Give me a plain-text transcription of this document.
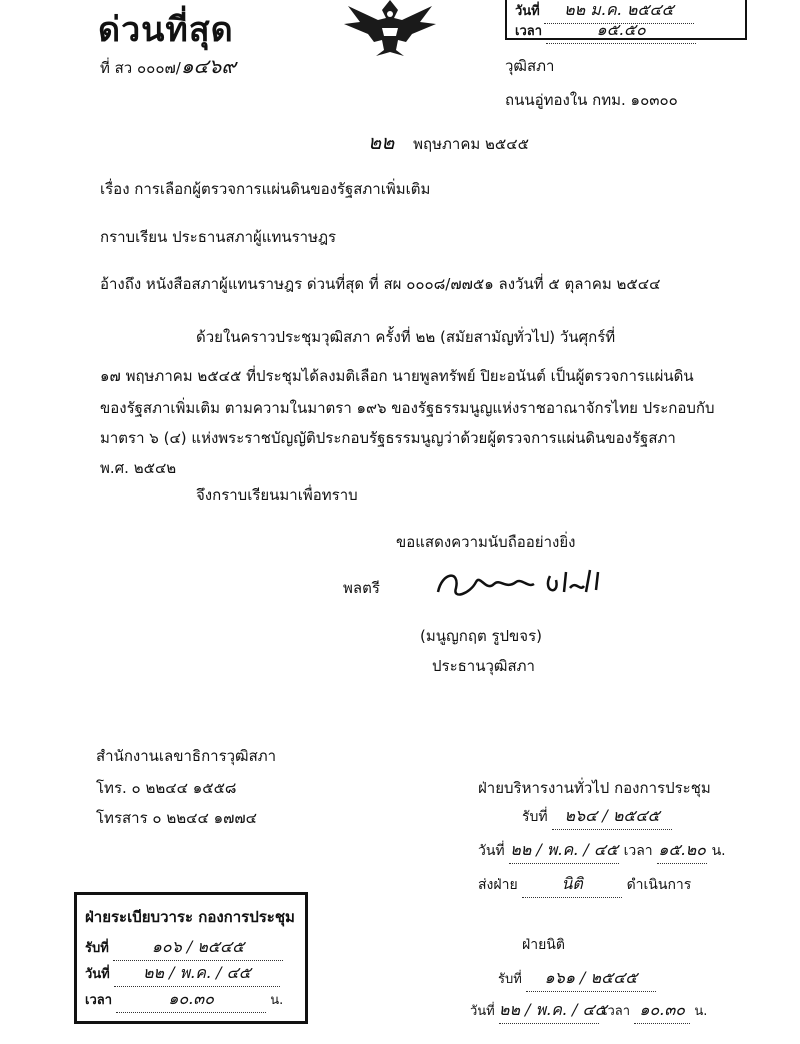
ด่วนที่สุด
ที่ สว ๐๐๐๗/๑๔๖๙
วันที่ ๒๒ ม.ค. ๒๕๔๕
เวลา	๑๕.๕๐
วุฒิสภา
ถนนอู่ทองใน กทม. ๑๐๓๐๐
๒๒ พฤษภาคม ๒๕๔๕
เรื่อง การเลือกผู้ตรวจการแผ่นดินของรัฐสภาเพิ่มเติม
กราบเรียน ประธานสภาผู้แทนราษฎร
อ้างถึง หนังสือสภาผู้แทนราษฎร ด่วนที่สุด ที่ สผ ๐๐๐๘/๗๗๕๑ ลงวันที่ ๕ ตุลาคม ๒๕๔๔
ด้วยในคราวประชุมวุฒิสภา ครั้งที่ ๒๒ (สมัยสามัญทั่วไป) วันศุกร์ที่
๑๗ พฤษภาคม ๒๕๔๕ ที่ประชุมได้ลงมติเลือก นายพูลทรัพย์ ปิยะอนันต์ เป็นผู้ตรวจการแผ่นดิน
ของรัฐสภาเพิ่มเติม ตามความในมาตรา ๑๙๖ ของรัฐธรรมนูญแห่งราชอาณาจักรไทย ประกอบกับ
มาตรา ๖ (๔) แห่งพระราชบัญญัติประกอบรัฐธรรมนูญว่าด้วยผู้ตรวจการแผ่นดินของรัฐสภา
พ.ศ. ๒๕๔๒
จึงกราบเรียนมาเพื่อทราบ
ขอแสดงความนับถืออย่างยิ่ง
พลตรี
(มนูญกฤต รูปขจร)
ประธานวุฒิสภา
สำนักงานเลขาธิการวุฒิสภา
โทร. ๐ ๒๒๔๔ ๑๕๕๘
โทรสาร ๐ ๒๒๔๔ ๑๗๗๔
ฝ่ายบริหารงานทั่วไป กองการประชุม
รับที่ ๒๖๔ / ๒๕๔๕
วันที่ ๒๒ / พ.ค. / ๔๕ เวลา ๑๕.๒๐ น.
ส่งฝ่าย	นิติ	ดำเนินการ
ฝ่ายระเบียบวาระ กองการประชุม
รับที่	๑๐๖ / ๒๕๔๕
วันที่ ๒๒ / พ.ค. / ๔๕
เวลา	๑๐.๓๐	น.
ฝ่ายนิติ
รับที่ ๑๖๑ / ๒๕๔๕
วันที่ ๒๒ / พ.ค. / ๔๕ เวลา ๑๐.๓๐ น.
